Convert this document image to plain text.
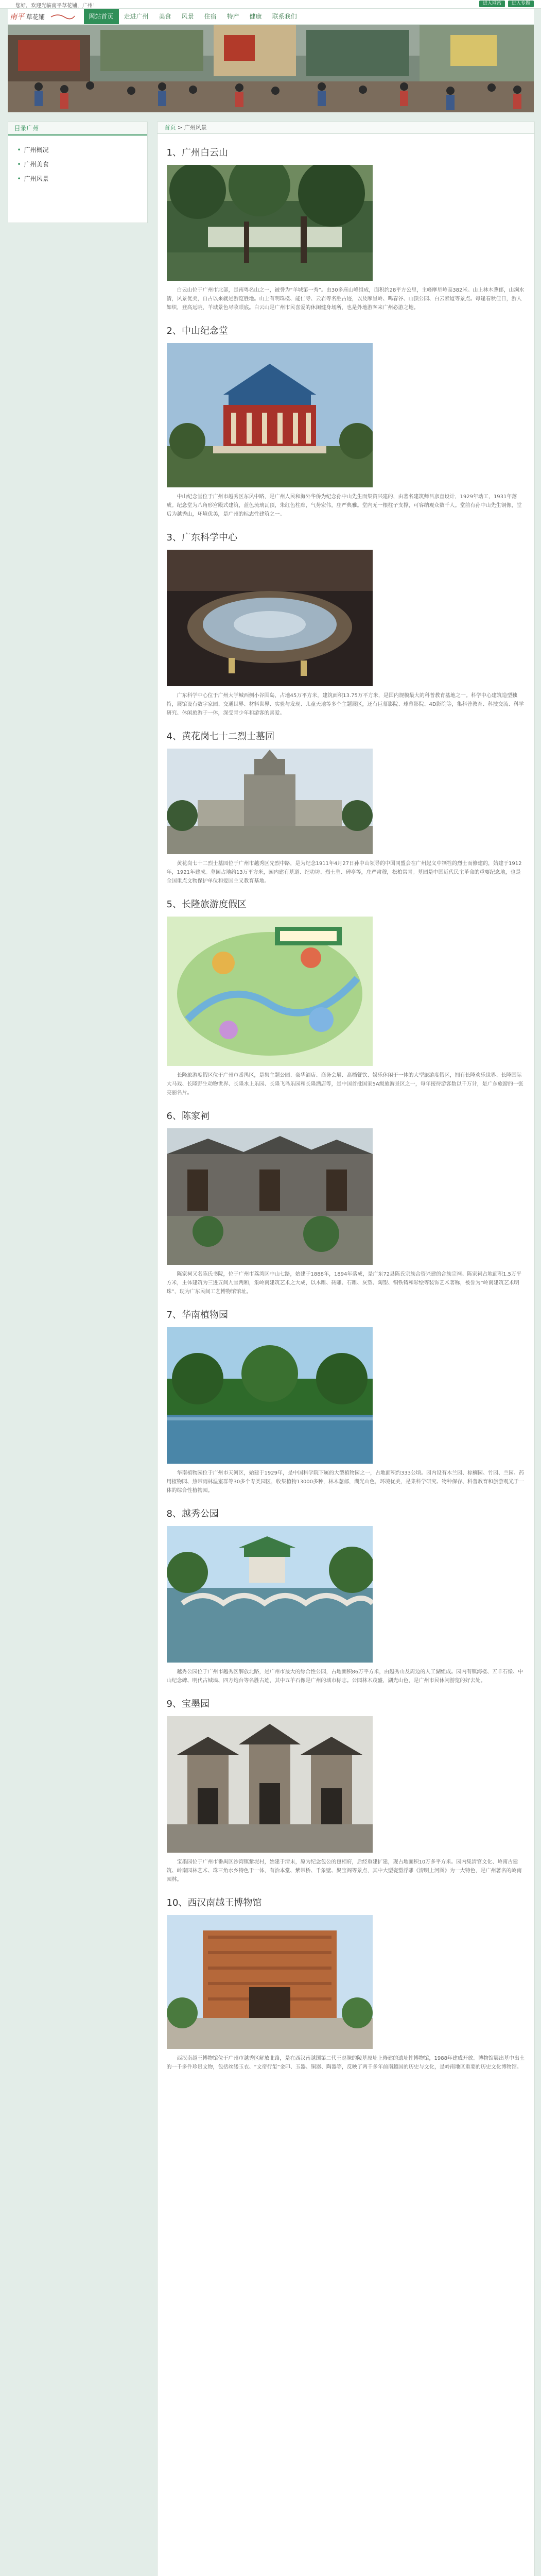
您好，欢迎光临南平草花铺，广州！	进入网站	进入专题
南平 草花铺	网站首页	走进广州	美食	风景	住宿	特产	健康	联系我们
目录广州
• 广州概况
• 广州美食
• 广州风景
首页 > 广州风景
1、广州白云山

白云山位于广州市北部，是南粤名山之一，被誉为“羊城第一秀”。由30多座山峰组成，面积约28平方公里，主峰摩星岭高382米。山上林木葱郁，山涧水清，风景优美，自古以来就是游览胜地。山上有明珠楼、能仁寺、云岩等名胜古迹，以及摩星岭、鸣春谷、山顶公园、白云索道等景点。每逢春秋佳日，游人如织，登高远眺，羊城景色尽收眼底。白云山是广州市民喜爱的休闲健身场所，也是外地游客来广州必游之地。

2、中山纪念堂

中山纪念堂位于广州市越秀区东风中路，是广州人民和海外华侨为纪念孙中山先生而集资兴建的，由著名建筑师吕彦直设计，1929年动工，1931年落成。纪念堂为八角形宫殿式建筑，蓝色琉璃瓦顶，朱红色柱廊，气势宏伟，庄严典雅。堂内无一根柱子支撑，可容纳观众数千人。堂前有孙中山先生铜像，堂后为越秀山，环境优美，是广州的标志性建筑之一。

3、广东科学中心

广东科学中心位于广州大学城西侧小谷围岛，占地45万平方米，建筑面积13.75万平方米，是国内规模最大的科普教育基地之一。科学中心建筑造型独特，展馆设有数字家园、交通世界、材料世界、实验与发现、儿童天地等多个主题展区，还有巨幕影院、球幕影院、4D影院等，集科普教育、科技交流、科学研究、休闲旅游于一体，深受青少年和游客的喜爱。

4、黄花岗七十二烈士墓园

黄花岗七十二烈士墓园位于广州市越秀区先烈中路，是为纪念1911年4月27日孙中山领导的中国同盟会在广州起义中牺牲的烈士而修建的，始建于1912年，1921年建成。墓园占地约13万平方米，园内建有墓道、纪功坊、烈士墓、碑亭等，庄严肃穆，松柏常青。墓园是中国近代民主革命的重要纪念地，也是全国重点文物保护单位和爱国主义教育基地。

5、长隆旅游度假区

长隆旅游度假区位于广州市番禺区，是集主题公园、豪华酒店、商务会展、高档餐饮、娱乐休闲于一体的大型旅游度假区，拥有长隆欢乐世界、长隆国际大马戏、长隆野生动物世界、长隆水上乐园、长隆飞鸟乐园和长隆酒店等，是中国首批国家5A级旅游景区之一，每年接待游客数以千万计，是广东旅游的一张亮丽名片。

6、陈家祠

陈家祠又名陈氏书院，位于广州市荔湾区中山七路，始建于1888年，1894年落成，是广东72县陈氏宗族合资兴建的合族宗祠。陈家祠占地面积1.5万平方米，主体建筑为三进五间九堂两厢，集岭南建筑艺术之大成，以木雕、砖雕、石雕、灰塑、陶塑、铜铁铸和彩绘等装饰艺术著称，被誉为“岭南建筑艺术明珠”，现为广东民间工艺博物馆馆址。

7、华南植物园

华南植物园位于广州市天河区，始建于1929年，是中国科学院下属的大型植物园之一，占地面积约333公顷。园内设有木兰园、棕榈园、竹园、兰园、药用植物园、热带雨林温室群等30多个专类园区，收集植物13000多种，林木葱郁，湖光山色，环境优美，是集科学研究、物种保存、科普教育和旅游观光于一体的综合性植物园。

8、越秀公园

越秀公园位于广州市越秀区解放北路，是广州市最大的综合性公园，占地面积86万平方米，由越秀山及周边的人工湖组成。园内有镇海楼、五羊石像、中山纪念碑、明代古城墙、四方炮台等名胜古迹，其中五羊石像是广州的城市标志。公园林木茂盛，湖光山色，是广州市民休闲游览的好去处。

9、宝墨园

宝墨园位于广州市番禺区沙湾镇紫坭村，始建于清末，原为纪念包公的包相府，后经重建扩建，现占地面积10万多平方米。园内集清官文化、岭南古建筑、岭南园林艺术、珠三角水乡特色于一体，有治本堂、紫带桥、千象壁、聚宝阁等景点，其中大型瓷塑浮雕《清明上河图》为一大特色，是广州著名的岭南园林。

10、西汉南越王博物馆

西汉南越王博物馆位于广州市越秀区解放北路，是在西汉南越国第二代王赵眜的陵墓原址上修建的遗址性博物馆，1988年建成开放。博物馆展出墓中出土的一千多件珍贵文物，包括丝缕玉衣、“文帝行玺”金印、玉器、铜器、陶器等，反映了两千多年前南越国的历史与文化，是岭南地区重要的历史文化博物馆。
